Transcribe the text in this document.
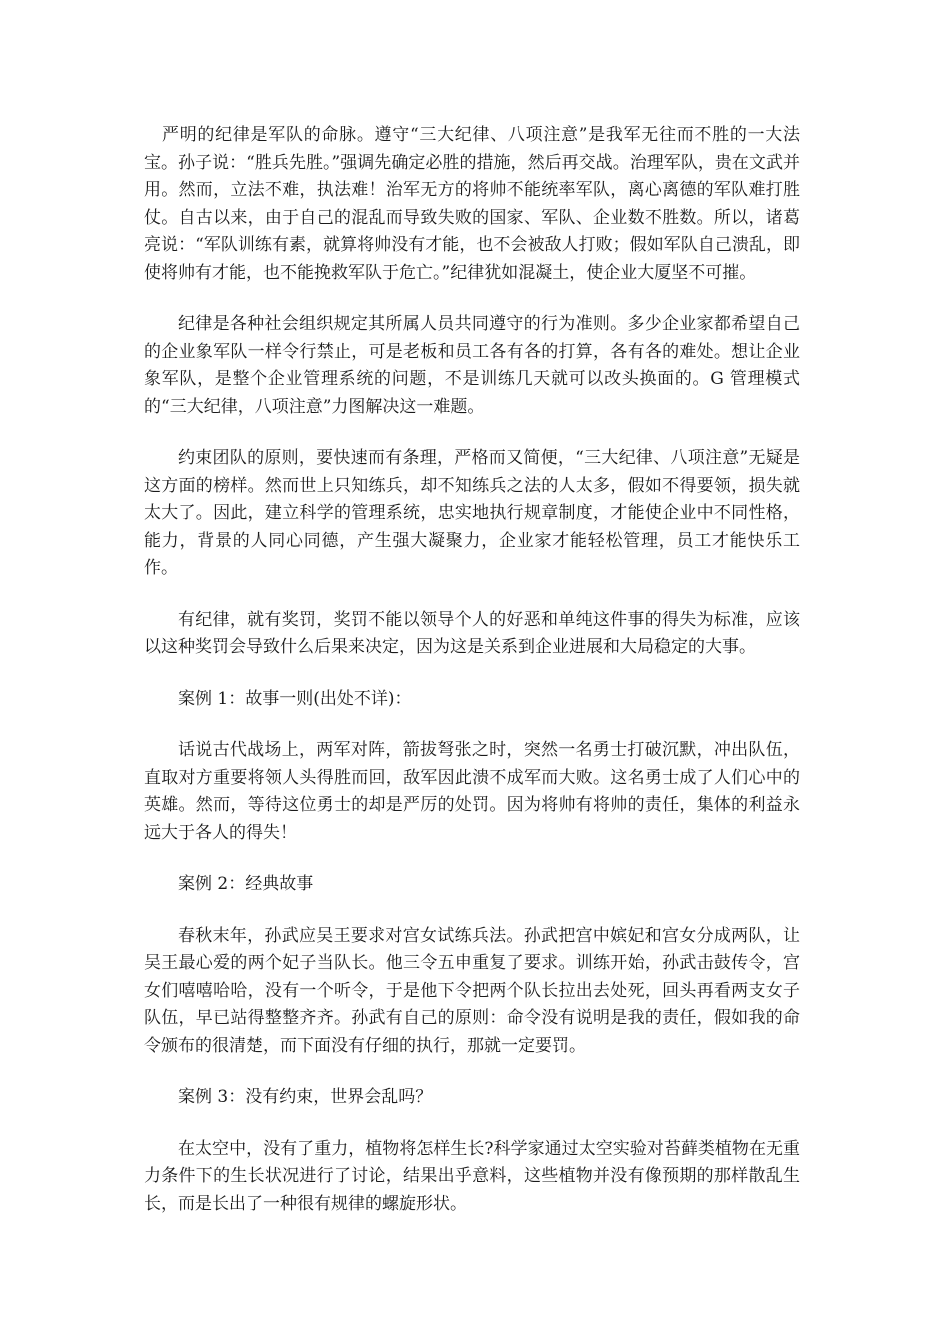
严明的纪律是军队的命脉。遵守“三大纪律、八项注意”是我军无往而不胜的一大法宝。孙子说：“胜兵先胜。”强调先确定必胜的措施，然后再交战。治理军队，贵在文武并用。然而，立法不难，执法难！治军无方的将帅不能统率军队，离心离德的军队难打胜仗。自古以来，由于自己的混乱而导致失败的国家、军队、企业数不胜数。所以，诸葛亮说：“军队训练有素，就算将帅没有才能，也不会被敌人打败；假如军队自己溃乱，即使将帅有才能，也不能挽救军队于危亡。”纪律犹如混凝土，使企业大厦坚不可摧。

纪律是各种社会组织规定其所属人员共同遵守的行为准则。多少企业家都希望自己的企业象军队一样令行禁止，可是老板和员工各有各的打算，各有各的难处。想让企业象军队，是整个企业管理系统的问题，不是训练几天就可以改头换面的。G 管理模式的“三大纪律，八项注意”力图解决这一难题。

约束团队的原则，要快速而有条理，严格而又简便，“三大纪律、八项注意”无疑是这方面的榜样。然而世上只知练兵，却不知练兵之法的人太多，假如不得要领，损失就太大了。因此，建立科学的管理系统，忠实地执行规章制度，才能使企业中不同性格，能力，背景的人同心同德，产生强大凝聚力，企业家才能轻松管理，员工才能快乐工作。

有纪律，就有奖罚，奖罚不能以领导个人的好恶和单纯这件事的得失为标准，应该以这种奖罚会导致什么后果来决定，因为这是关系到企业进展和大局稳定的大事。

案例 1：故事一则(出处不详)：

话说古代战场上，两军对阵，箭拔弩张之时，突然一名勇士打破沉默，冲出队伍，直取对方重要将领人头得胜而回，敌军因此溃不成军而大败。这名勇士成了人们心中的英雄。然而，等待这位勇士的却是严厉的处罚。因为将帅有将帅的责任，集体的利益永远大于各人的得失！

案例 2：经典故事

春秋末年，孙武应吴王要求对宫女试练兵法。孙武把宫中嫔妃和宫女分成两队，让吴王最心爱的两个妃子当队长。他三令五申重复了要求。训练开始，孙武击鼓传令，宫女们嘻嘻哈哈，没有一个听令，于是他下令把两个队长拉出去处死，回头再看两支女子队伍，早已站得整整齐齐。孙武有自己的原则：命令没有说明是我的责任，假如我的命令颁布的很清楚，而下面没有仔细的执行，那就一定要罚。

案例 3：没有约束，世界会乱吗？

在太空中，没有了重力，植物将怎样生长?科学家通过太空实验对苔藓类植物在无重力条件下的生长状况进行了讨论，结果出乎意料，这些植物并没有像预期的那样散乱生长，而是长出了一种很有规律的螺旋形状。
